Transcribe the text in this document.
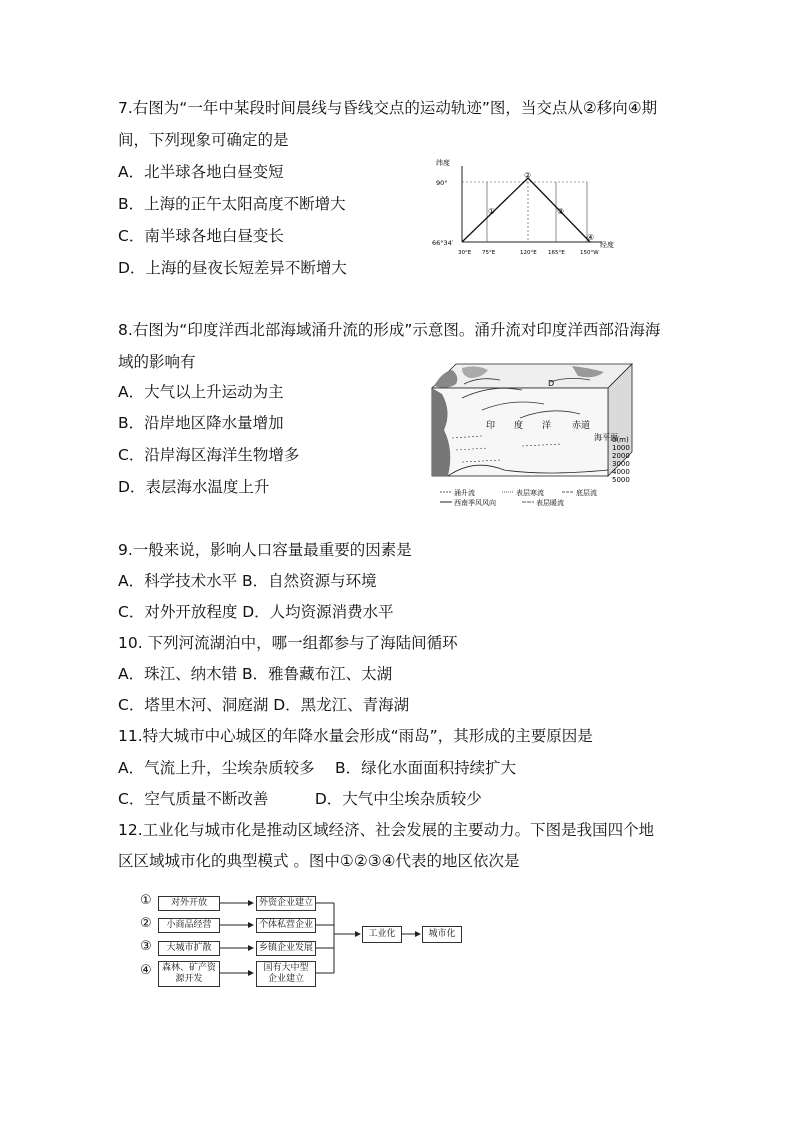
7.右图为“一年中某段时间晨线与昏线交点的运动轨迹”图，当交点从②移向④期
间，下列现象可确定的是
A．北半球各地白昼变短
B．上海的正午太阳高度不断增大
C．南半球各地白昼变长
D．上海的昼夜长短差异不断增大
纬度
经度
90°
66°34′
①
②
③
④
30°E 75°E	120°E 165°E	150°W
8.右图为“印度洋西北部海域涌升流的形成”示意图。涌升流对印度洋西部沿海海
域的影响有
A．大气以上升运动为主
B．沿岸地区降水量增加
C．沿岸海区海洋生物增多
D．表层海水温度上升
D
印 度 洋 赤道
海平面
0(m)
1000
2000
3000
4000
5000
涌升流	表层寒流	底层流
西南季风风向	表层暖流
9.一般来说，影响人口容量最重要的因素是
A．科学技术水平 B．自然资源与环境
C．对外开放程度 D．人均资源消费水平
10. 下列河流湖泊中，哪一组都参与了海陆间循环
A．珠江、纳木错 B．雅鲁藏布江、太湖
C．塔里木河、洞庭湖 D．黑龙江、青海湖
11.特大城市中心城区的年降水量会形成“雨岛”，其形成的主要原因是
A．气流上升，尘埃杂质较多　 B．绿化水面面积持续扩大
C．空气质量不断改善　　　D．大气中尘埃杂质较少
12.工业化与城市化是推动区域经济、社会发展的主要动力。下图是我国四个地
区区域城市化的典型模式 。图中①②③④代表的地区依次是
①
②
③
④
对外开放
小商品经营
大城市扩散
森林、矿产资源开发
外资企业建立
个体私营企业
乡镇企业发展
国有大中型企业建立
工业化	城市化
